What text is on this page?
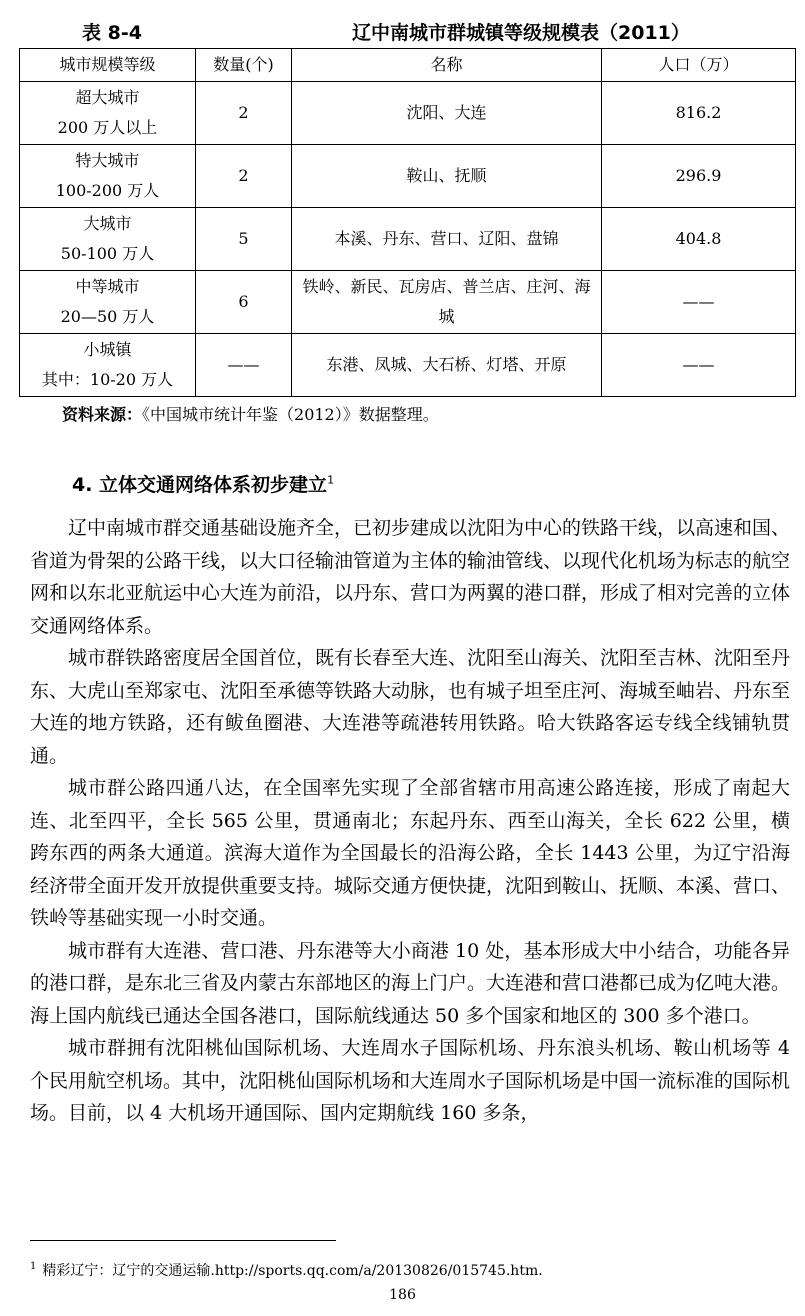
表 8-4	辽中南城市群城镇等级规模表（2011）
城市规模等级	数量(个)	名称	人口（万）
超大城市
200 万人以上	2	沈阳、大连	816.2
特大城市
100-200 万人	2	鞍山、抚顺	296.9
大城市
50-100 万人	5	本溪、丹东、营口、辽阳、盘锦	404.8
中等城市
20—50 万人	6	铁岭、新民、瓦房店、普兰店、庄河、海城	——
小城镇
其中：10-20 万人	——	东港、凤城、大石桥、灯塔、开原	——
资料来源：《中国城市统计年鉴（2012）》数据整理。
4. 立体交通网络体系初步建立$^1$

辽中南城市群交通基础设施齐全，已初步建成以沈阳为中心的铁路干线，以高速和国、省道为骨架的公路干线，以大口径输油管道为主体的输油管线、以现代化机场为标志的航空网和以东北亚航运中心大连为前沿，以丹东、营口为两翼的港口群，形成了相对完善的立体交通网络体系。

城市群铁路密度居全国首位，既有长春至大连、沈阳至山海关、沈阳至吉林、沈阳至丹东、大虎山至郑家屯、沈阳至承德等铁路大动脉，也有城子坦至庄河、海城至岫岩、丹东至大连的地方铁路，还有鲅鱼圈港、大连港等疏港转用铁路。哈大铁路客运专线全线铺轨贯通。

城市群公路四通八达，在全国率先实现了全部省辖市用高速公路连接，形成了南起大连、北至四平，全长 565 公里，贯通南北；东起丹东、西至山海关，全长 622 公里，横跨东西的两条大通道。滨海大道作为全国最长的沿海公路，全长 1443 公里，为辽宁沿海经济带全面开发开放提供重要支持。城际交通方便快捷，沈阳到鞍山、抚顺、本溪、营口、铁岭等基础实现一小时交通。

城市群有大连港、营口港、丹东港等大小商港 10 处，基本形成大中小结合，功能各异的港口群，是东北三省及内蒙古东部地区的海上门户。大连港和营口港都已成为亿吨大港。海上国内航线已通达全国各港口，国际航线通达 50 多个国家和地区的 300 多个港口。

城市群拥有沈阳桃仙国际机场、大连周水子国际机场、丹东浪头机场、鞍山机场等 4 个民用航空机场。其中，沈阳桃仙国际机场和大连周水子国际机场是中国一流标准的国际机场。目前，以 4 大机场开通国际、国内定期航线 160 多条，

$^1$ 精彩辽宁：辽宁的交通运输.http://sports.qq.com/a/20130826/015745.htm.
186
